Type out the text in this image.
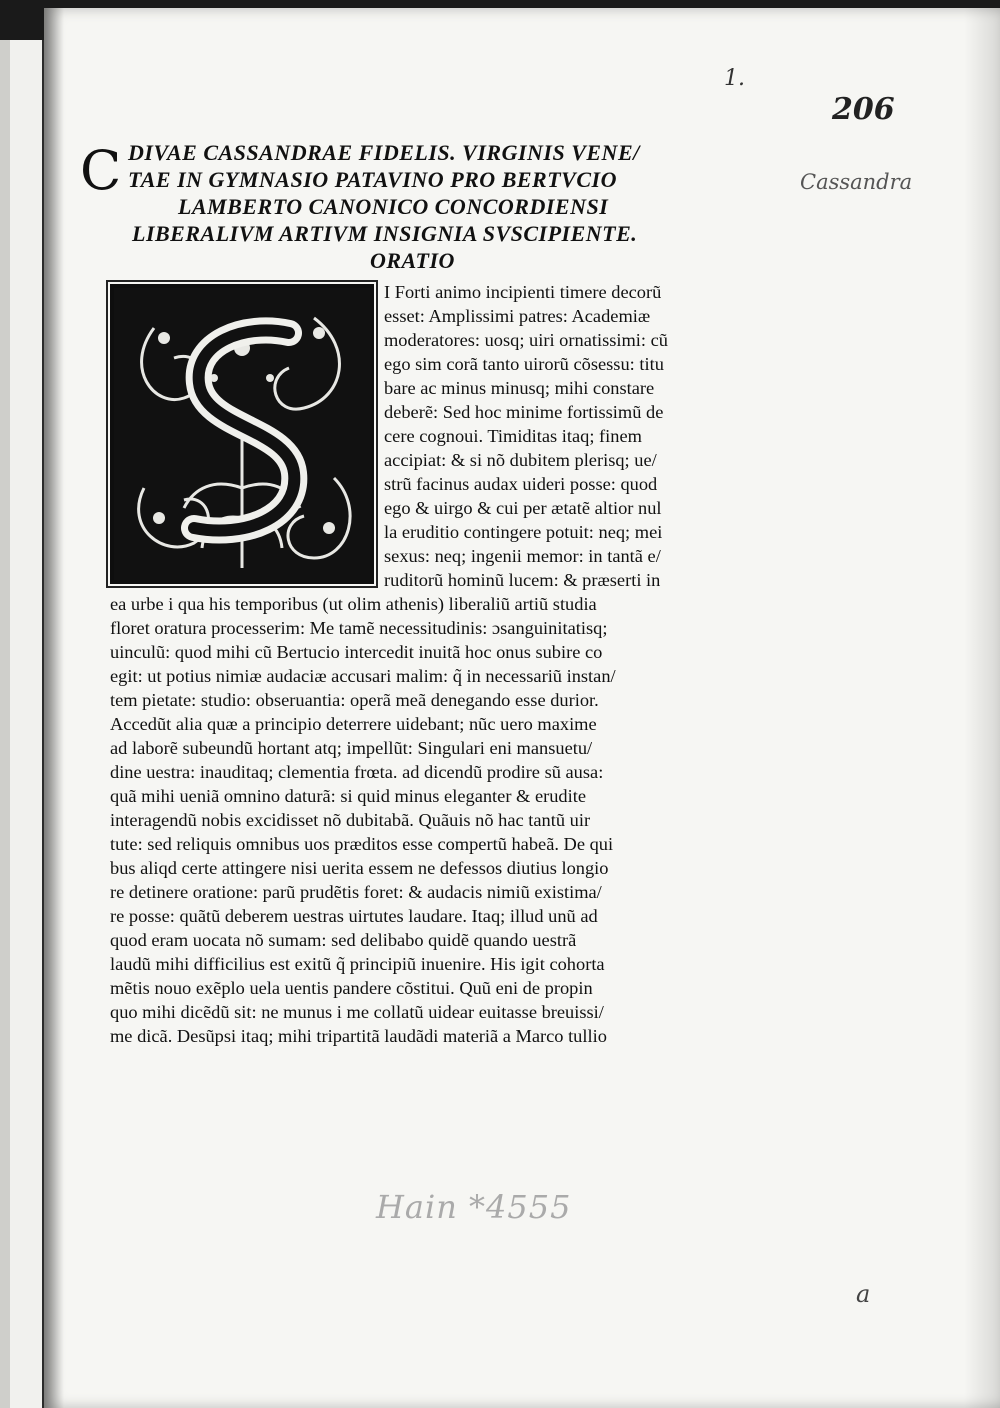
1.
206
Cassandra
C DIVAE CASSANDRAE FIDELIS. VIRGINIS VENE/
TAE IN GYMNASIO PATAVINO PRO BERTVCIO
LAMBERTO CANONICO CONCORDIENSI
LIBERALIVM ARTIVM INSIGNIA SVSCIPIENTE.
ORATIO
I Forti animo incipienti timere decorũ
esset: Amplissimi patres: Academiæ
moderatores: uosq; uiri ornatissimi: cũ
ego sim corã tanto uirorũ cõsessu: titu
bare ac minus minusq; mihi constare
deberẽ: Sed hoc minime fortissimũ de
cere cognoui. Timiditas itaq; finem
accipiat: & si nõ dubitem plerisq; ue/
strũ facinus audax uideri posse: quod
ego & uirgo & cui per ætatẽ altior nul
la eruditio contingere potuit: neq; mei
sexus: neq; ingenii memor: in tantã e/
ruditorũ hominũ lucem: & præserti in
ea urbe i qua his temporibus (ut olim athenis) liberaliũ artiũ studia
floret oratura processerim: Me tamẽ necessitudinis: ɔsanguinitatisq;
uinculũ: quod mihi cũ Bertucio intercedit inuitã hoc onus subire co
egit: ut potius nimiæ audaciæ accusari malim: q̃ in necessariũ instan/
tem pietate: studio: obseruantia: operã meã denegando esse durior.
Accedũt alia quæ a principio deterrere uidebant; nũc uero maxime
ad laborẽ subeundũ hortant atq; impellũt: Singulari eni mansuetu/
dine uestra: inauditaq; clementia frœta. ad dicendũ prodire sũ ausa:
quã mihi ueniã omnino daturã: si quid minus eleganter & erudite
interagendũ nobis excidisset nõ dubitabã. Quãuis nõ hac tantũ uir
tute: sed reliquis omnibus uos præditos esse compertũ habeã. De qui
bus aliqd certe attingere nisi uerita essem ne defessos diutius longio
re detinere oratione: parũ prudẽtis foret: & audacis nimiũ existima/
re posse: quãtũ deberem uestras uirtutes laudare. Itaq; illud unũ ad
quod eram uocata nõ sumam: sed delibabo quidẽ quando uestrã
laudũ mihi difficilius est exitũ q̃ principiũ inuenire. His igit cohorta
mẽtis nouo exẽplo uela uentis pandere cõstitui. Quũ eni de propin
quo mihi dicẽdũ sit: ne munus i me collatũ uidear euitasse breuissi/
me dicã. Desũpsi itaq; mihi tripartitã laudãdi materiã a Marco tullio
Hain *4555
a
